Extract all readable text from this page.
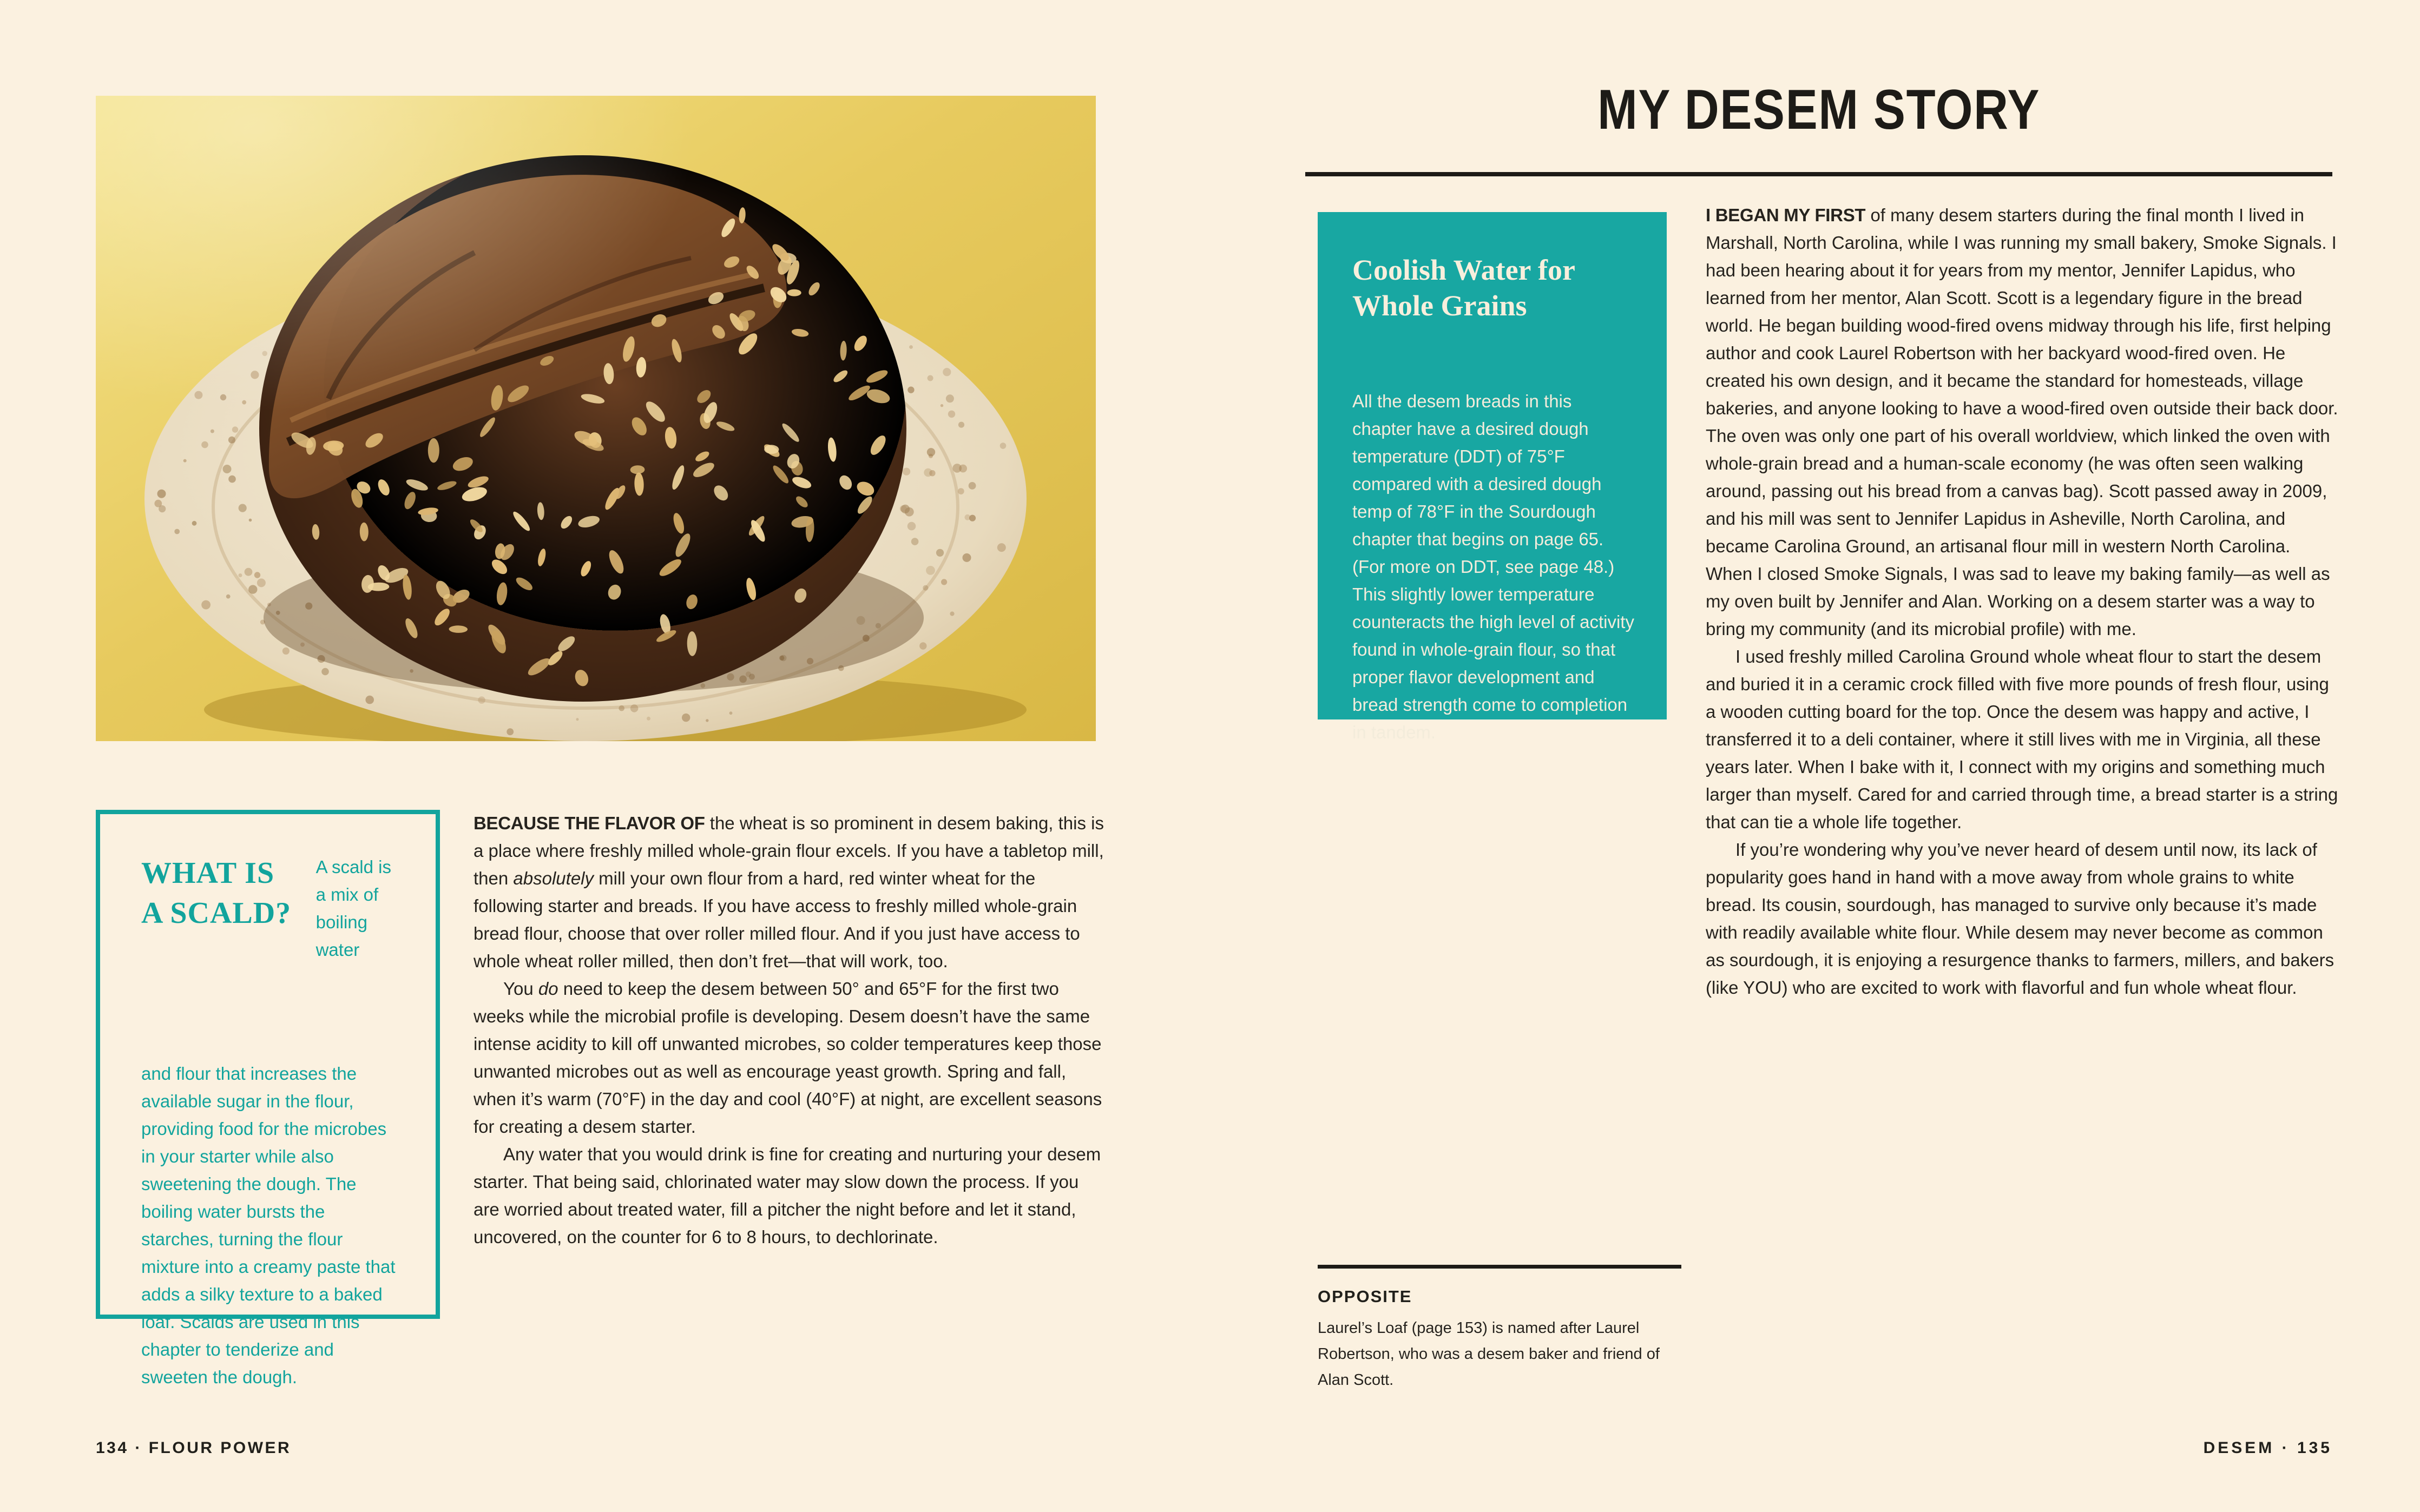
WHAT IS
A SCALD?
A scald is a mix of boiling water
and flour that increases the available sugar in the flour, providing food for the microbes in your starter while also sweetening the dough. The boiling water bursts the starches, turning the flour mixture into a creamy paste that adds a silky texture to a baked loaf. Scalds are used in this chapter to tenderize and sweeten the dough.

BECAUSE THE FLAVOR OF the wheat is so prominent in desem baking, this is a place where freshly milled whole-grain flour excels. If you have a tabletop mill, then absolutely mill your own flour from a hard, red winter wheat for the following starter and breads. If you have access to freshly milled whole-grain bread flour, choose that over roller milled flour. And if you just have access to whole wheat roller milled, then don’t fret—that will work, too.

You do need to keep the desem between 50° and 65°F for the first two weeks while the microbial profile is developing. Desem doesn’t have the same intense acidity to kill off unwanted microbes, so colder temperatures keep those unwanted microbes out as well as encourage yeast growth. Spring and fall, when it’s warm (70°F) in the day and cool (40°F) at night, are excellent seasons for creating a desem starter.

Any water that you would drink is fine for creating and nurturing your desem starter. That being said, chlorinated water may slow down the process. If you are worried about treated water, fill a pitcher the night before and let it stand, uncovered, on the counter for 6 to 8 hours, to dechlorinate.

134 · FLOUR POWER
MY DESEM STORY
Coolish Water for Whole Grains
All the desem breads in this chapter have a desired dough temperature (DDT) of 75°F compared with a desired dough temp of 78°F in the Sourdough chapter that begins on page 65. (For more on DDT, see page 48.) This slightly lower temperature counteracts the high level of activity found in whole-grain flour, so that proper flavor development and bread strength come to completion in tandem.

I BEGAN MY FIRST of many desem starters during the final month I lived in Marshall, North Carolina, while I was running my small bakery, Smoke Signals. I had been hearing about it for years from my mentor, Jennifer Lapidus, who learned from her mentor, Alan Scott. Scott is a legendary figure in the bread world. He began building wood-fired ovens midway through his life, first helping author and cook Laurel Robertson with her backyard wood-fired oven. He created his own design, and it became the standard for homesteads, village bakeries, and anyone looking to have a wood-fired oven outside their back door. The oven was only one part of his overall worldview, which linked the oven with whole-grain bread and a human-scale economy (he was often seen walking around, passing out his bread from a canvas bag). Scott passed away in 2009, and his mill was sent to Jennifer Lapidus in Asheville, North Carolina, and became Carolina Ground, an artisanal flour mill in western North Carolina. When I closed Smoke Signals, I was sad to leave my baking family—as well as my oven built by Jennifer and Alan. Working on a desem starter was a way to bring my community (and its microbial profile) with me.

I used freshly milled Carolina Ground whole wheat flour to start the desem and buried it in a ceramic crock filled with five more pounds of fresh flour, using a wooden cutting board for the top. Once the desem was happy and active, I transferred it to a deli container, where it still lives with me in Virginia, all these years later. When I bake with it, I connect with my origins and something much larger than myself. Cared for and carried through time, a bread starter is a string that can tie a whole life together.

If you’re wondering why you’ve never heard of desem until now, its lack of popularity goes hand in hand with a move away from whole grains to white bread. Its cousin, sourdough, has managed to survive only because it’s made with readily available white flour. While desem may never become as common as sourdough, it is enjoying a resurgence thanks to farmers, millers, and bakers (like YOU) who are excited to work with flavorful and fun whole wheat flour.

OPPOSITE
Laurel’s Loaf (page 153) is named after Laurel Robertson, who was a desem baker and friend of Alan Scott.
DESEM · 135
